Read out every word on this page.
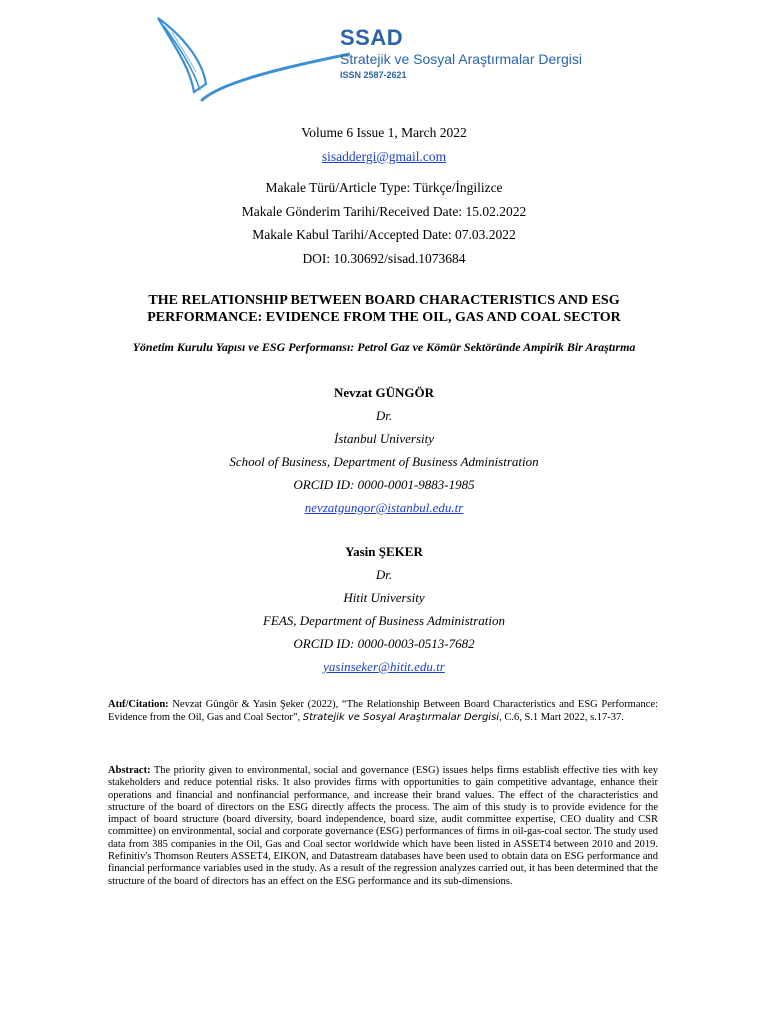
SSAD
Stratejik ve Sosyal Araştırmalar Dergisi
ISSN 2587-2621
Volume 6 Issue 1, March 2022
sisaddergi@gmail.com
Makale Türü/Article Type: Türkçe/İngilizce
Makale Gönderim Tarihi/Received Date: 15.02.2022
Makale Kabul Tarihi/Accepted Date: 07.03.2022
DOI: 10.30692/sisad.1073684
THE RELATIONSHIP BETWEEN BOARD CHARACTERISTICS AND ESG PERFORMANCE: EVIDENCE FROM THE OIL, GAS AND COAL SECTOR
Yönetim Kurulu Yapısı ve ESG Performansı: Petrol Gaz ve Kömür Sektöründe Ampirik Bir Araştırma
Nevzat GÜNGÖR
Dr.
İstanbul University
School of Business, Department of Business Administration
ORCID ID: 0000-0001-9883-1985
nevzatgungor@istanbul.edu.tr
Yasin ŞEKER
Dr.
Hitit University
FEAS, Department of Business Administration
ORCID ID: 0000-0003-0513-7682
yasinseker@hitit.edu.tr
Atıf/Citation: Nevzat Güngör & Yasin Şeker (2022), “The Relationship Between Board Characteristics and ESG Performance: Evidence from the Oil, Gas and Coal Sector”, Stratejik ve Sosyal Araştırmalar Dergisi, C.6, S.1 Mart 2022, s.17-37.
Abstract: The priority given to environmental, social and governance (ESG) issues helps firms establish effective ties with key stakeholders and reduce potential risks. It also provides firms with opportunities to gain competitive advantage, enhance their operations and financial and nonfinancial performance, and increase their brand values. The effect of the characteristics and structure of the board of directors on the ESG directly affects the process. The aim of this study is to provide evidence for the impact of board structure (board diversity, board independence, board size, audit committee expertise, CEO duality and CSR committee) on environmental, social and corporate governance (ESG) performances of firms in oil-gas-coal sector. The study used data from 385 companies in the Oil, Gas and Coal sector worldwide which have been listed in ASSET4 between 2010 and 2019. Refinitiv's Thomson Reuters ASSET4, EIKON, and Datastream databases have been used to obtain data on ESG performance and financial performance variables used in the study. As a result of the regression analyzes carried out, it has been determined that the structure of the board of directors has an effect on the ESG performance and its sub-dimensions.
